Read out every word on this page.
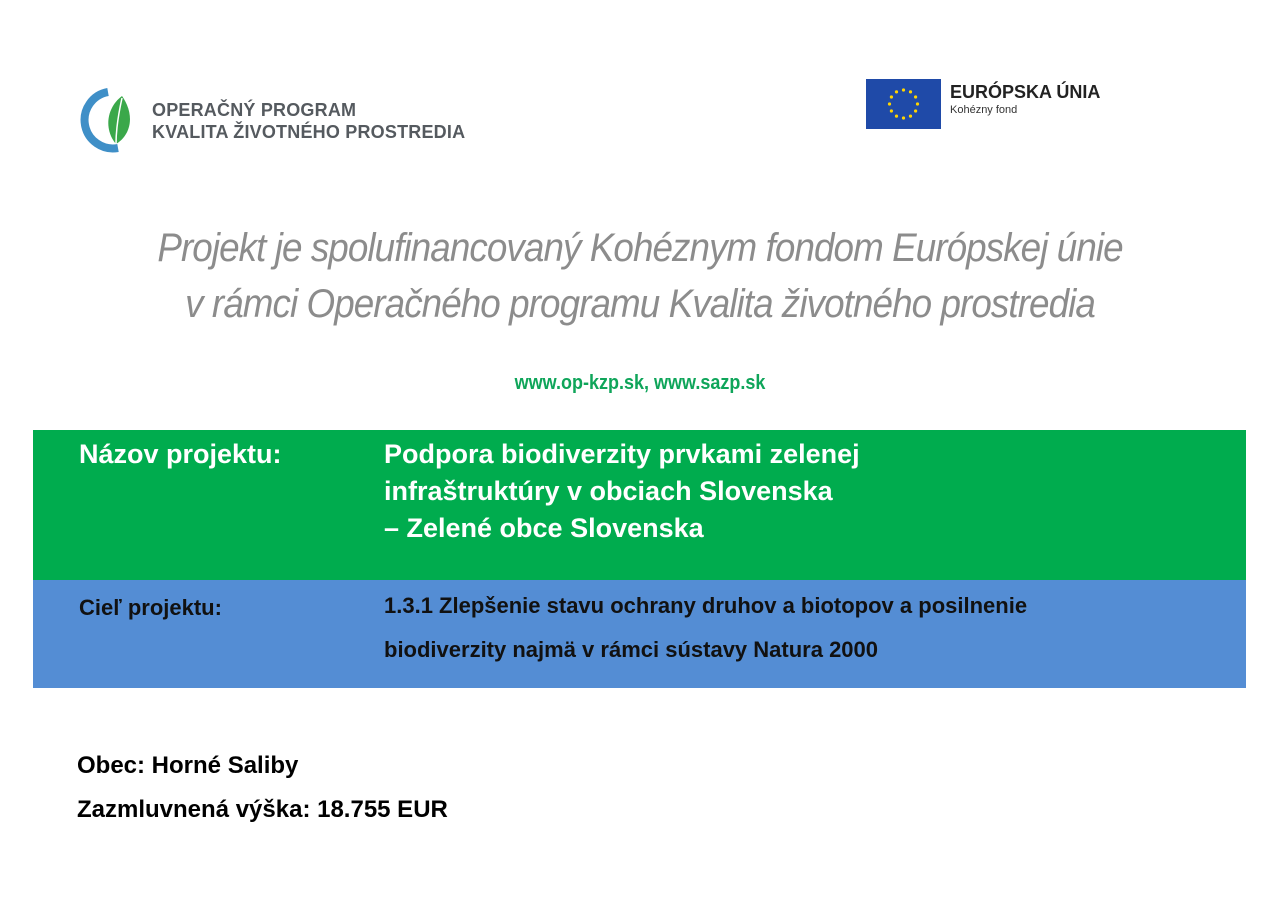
OPERAČNÝ PROGRAM
KVALITA ŽIVOTNÉHO PROSTREDIA
EURÓPSKA ÚNIA
Kohézny fond
Projekt je spolufinancovaný Kohéznym fondom Európskej únie
v rámci Operačného programu Kvalita životného prostredia
www.op-kzp.sk, www.sazp.sk
Názov projektu:	Podpora biodiverzity prvkami zelenej
infraštruktúry v obciach Slovenska
– Zelené obce Slovenska
Cieľ projektu:	1.3.1 Zlepšenie stavu ochrany druhov a biotopov a posilnenie
biodiverzity najmä v rámci sústavy Natura 2000
Obec: Horné Saliby
Zazmluvnená výška: 18.755 EUR
